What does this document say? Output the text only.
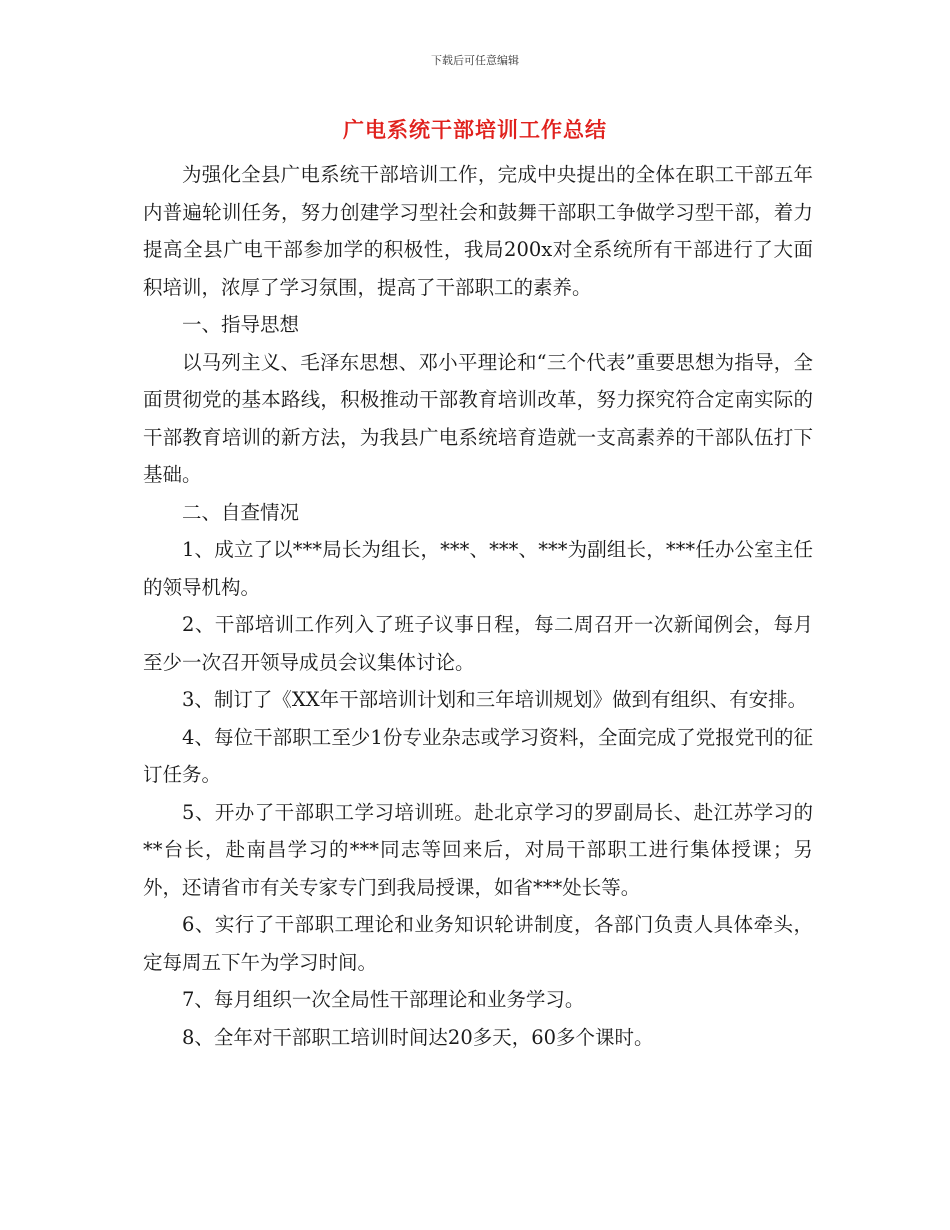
下载后可任意编辑
广电系统干部培训工作总结

为强化全县广电系统干部培训工作，完成中央提出的全体在职工干部五年内普遍轮训任务，努力创建学习型社会和鼓舞干部职工争做学习型干部，着力提高全县广电干部参加学的积极性，我局200x对全系统所有干部进行了大面积培训，浓厚了学习氛围，提高了干部职工的素养。

一、指导思想

以马列主义、毛泽东思想、邓小平理论和“三个代表”重要思想为指导，全面贯彻党的基本路线，积极推动干部教育培训改革，努力探究符合定南实际的干部教育培训的新方法，为我县广电系统培育造就一支高素养的干部队伍打下基础。

二、自查情况

1、成立了以***局长为组长，***、***、***为副组长，***任办公室主任的领导机构。

2、干部培训工作列入了班子议事日程，每二周召开一次新闻例会，每月至少一次召开领导成员会议集体讨论。

3、制订了《XX年干部培训计划和三年培训规划》做到有组织、有安排。

4、每位干部职工至少1份专业杂志或学习资料，全面完成了党报党刊的征订任务。

5、开办了干部职工学习培训班。赴北京学习的罗副局长、赴江苏学习的**台长，赴南昌学习的***同志等回来后，对局干部职工进行集体授课；另外，还请省市有关专家专门到我局授课，如省***处长等。

6、实行了干部职工理论和业务知识轮讲制度，各部门负责人具体牵头，定每周五下午为学习时间。

7、每月组织一次全局性干部理论和业务学习。

8、全年对干部职工培训时间达20多天，60多个课时。
